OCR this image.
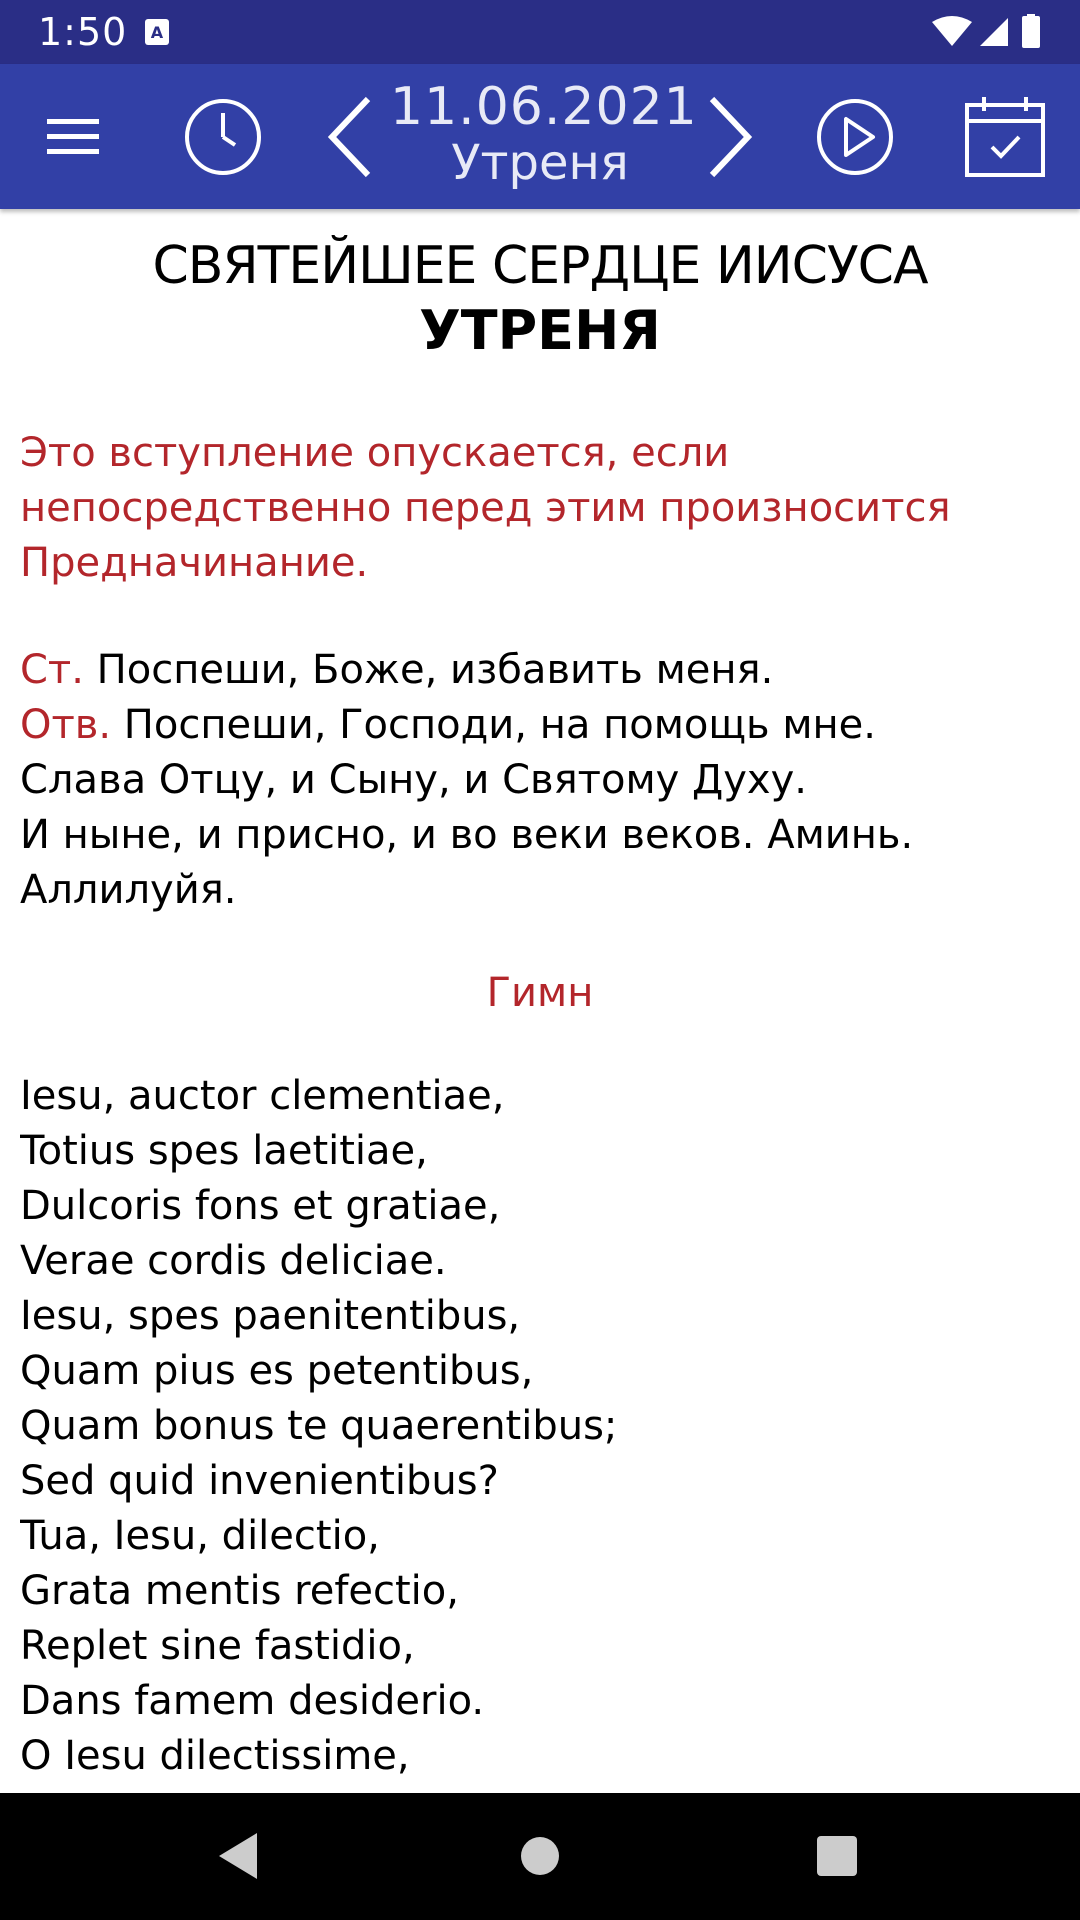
1:50 A
11.06.2021
Утреня
СВЯТЕЙШЕЕ СЕРДЦЕ ИИСУСА
УТРЕНЯ
Это вступление опускается, если непосредственно перед этим произносится Предначинание.
Ст. Поспеши, Боже, избавить меня.
Отв. Поспеши, Господи, на помощь мне.
Слава Отцу, и Сыну, и Святому Духу.
И ныне, и присно, и во веки веков. Аминь.
Аллилуйя.
Гимн
Iesu, auctor clementiae,
Totius spes laetitiae,
Dulcoris fons et gratiae,
Verae cordis deliciae.
Iesu, spes paenitentibus,
Quam pius es petentibus,
Quam bonus te quaerentibus;
Sed quid invenientibus?
Tua, Iesu, dilectio,
Grata mentis refectio,
Replet sine fastidio,
Dans famem desiderio.
O Iesu dilectissime,
